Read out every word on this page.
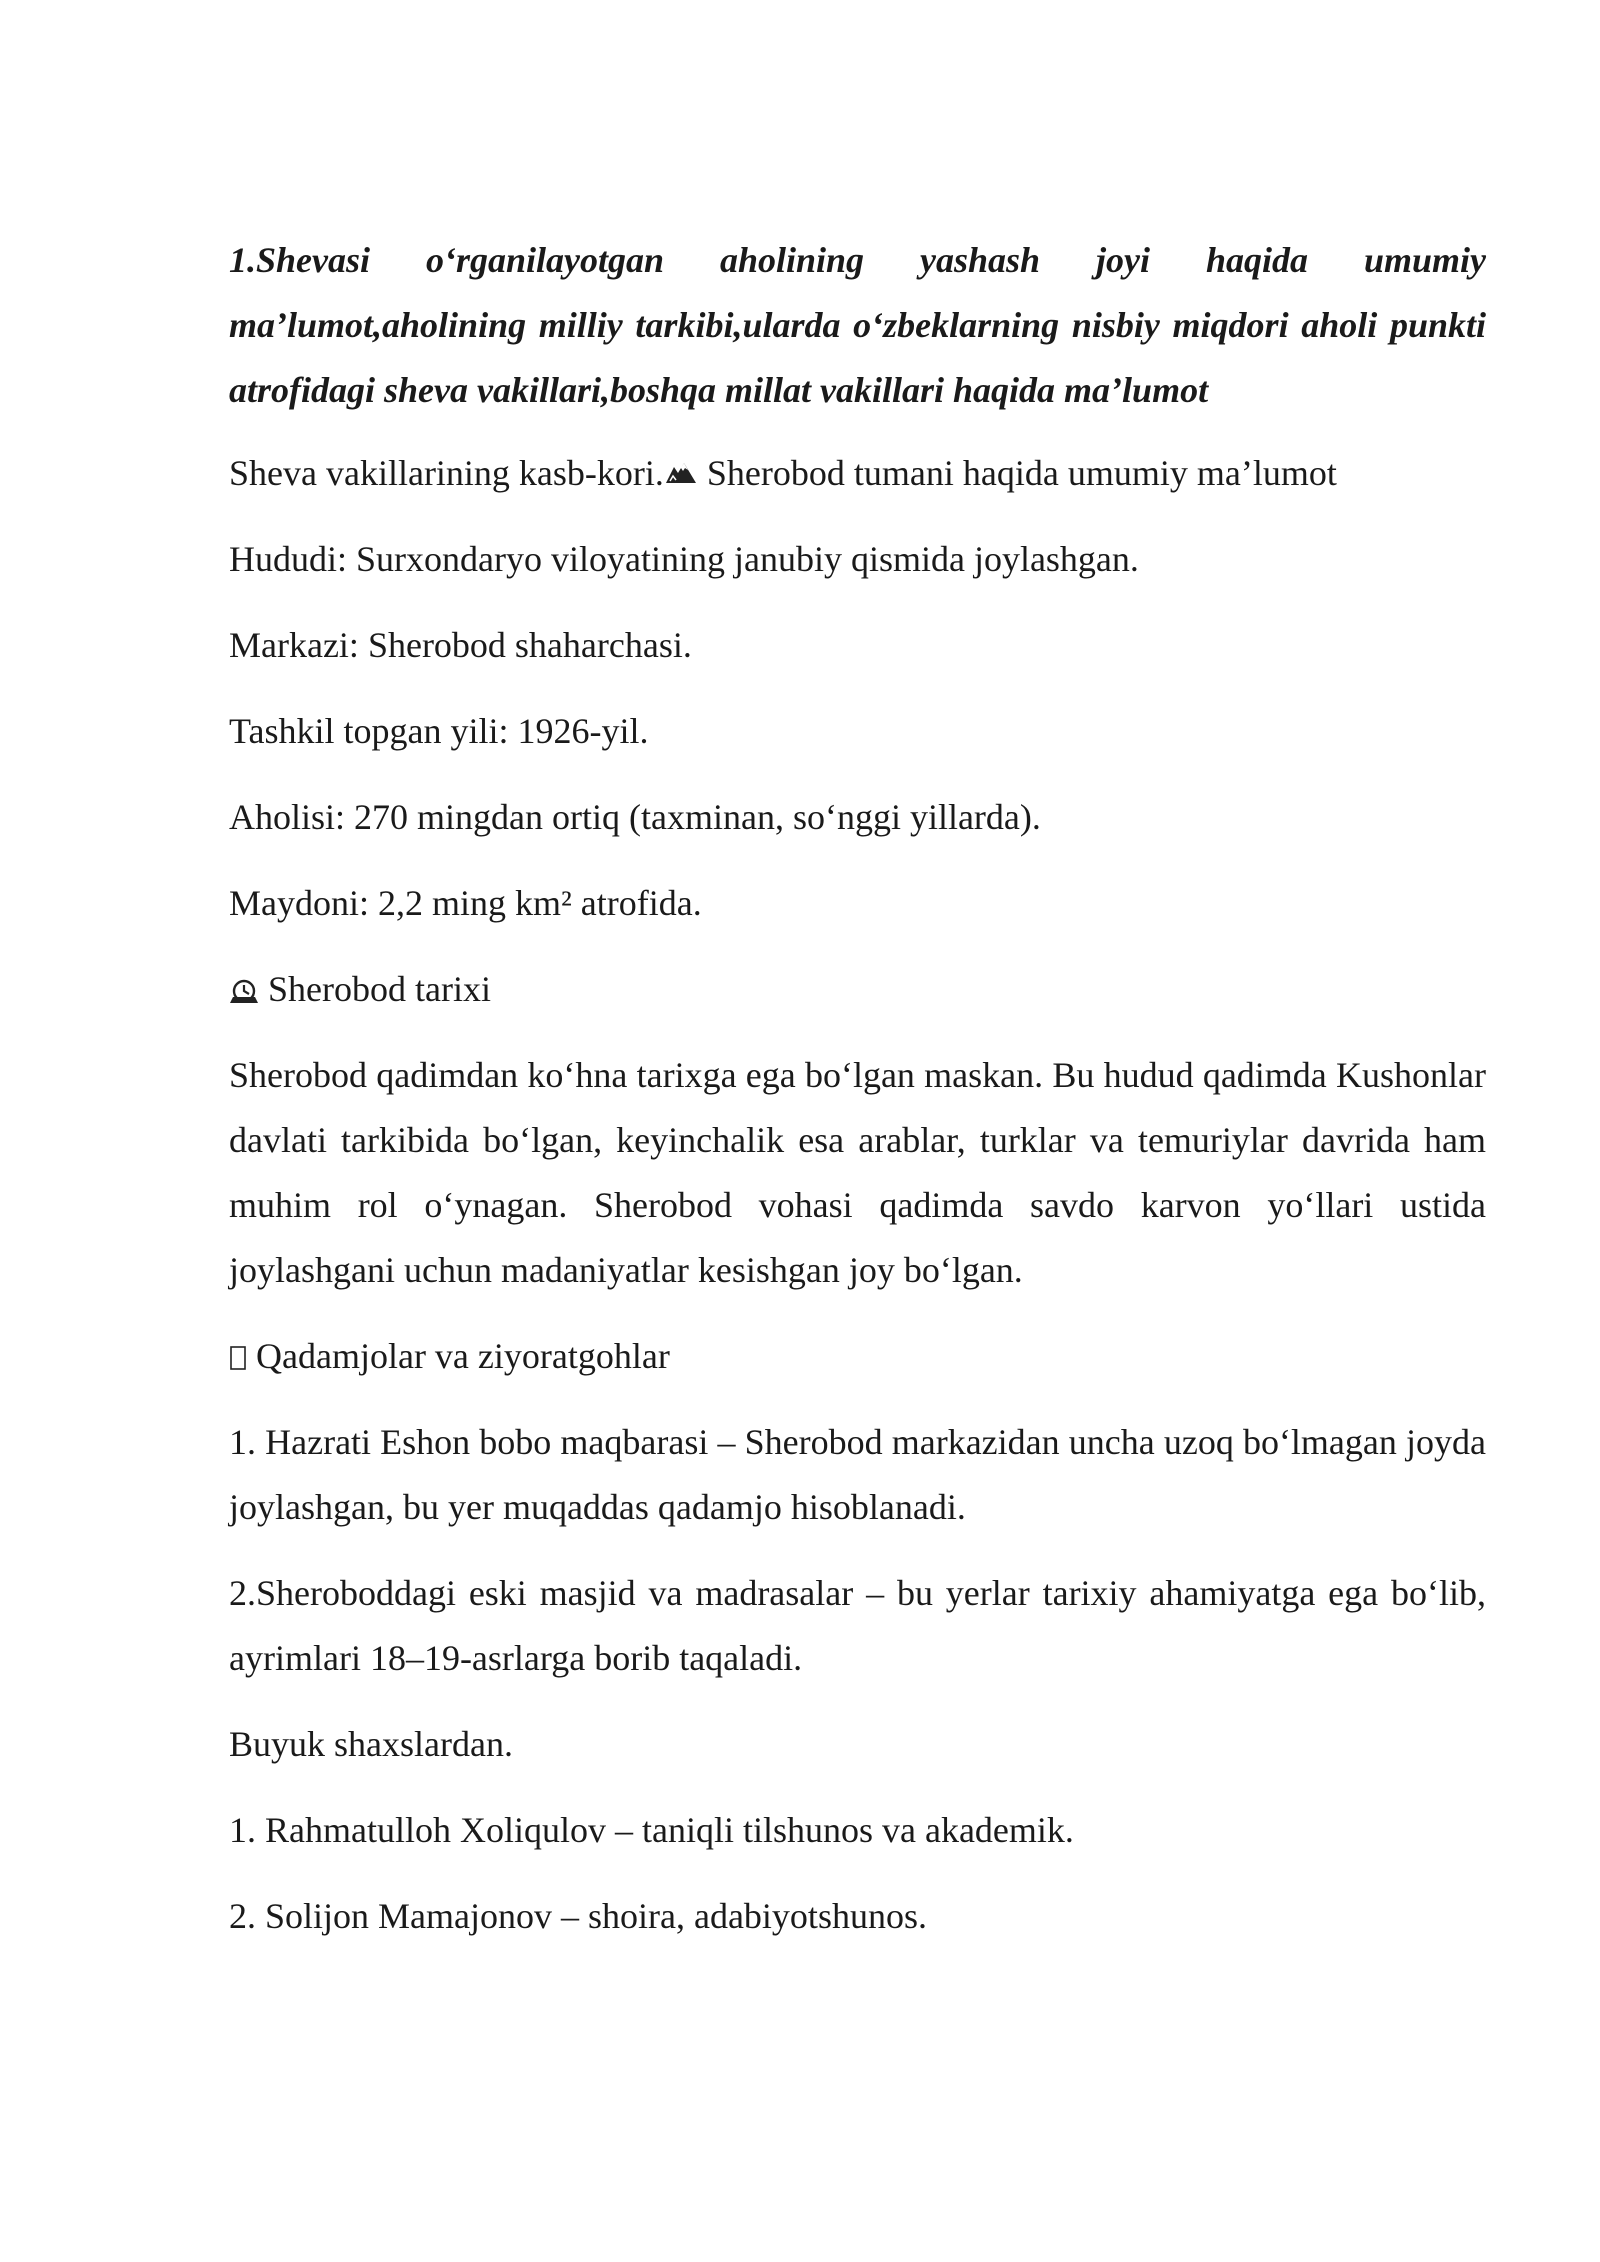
1.Shevasi o‘rganilayotgan aholining yashash joyi haqida umumiy ma’lumot,aholining milliy tarkibi,ularda o‘zbeklarning nisbiy miqdori aholi punkti atrofidagi sheva vakillari,boshqa millat vakillari haqida ma’lumot

Sheva vakillarining kasb-kori.
Sherobod tumani haqida umumiy ma’lumot

Hududi: Surxondaryo viloyatining janubiy qismida joylashgan.

Markazi: Sherobod shaharchasi.

Tashkil topgan yili: 1926-yil.

Aholisi: 270 mingdan ortiq (taxminan, so‘nggi yillarda).

Maydoni: 2,2 ming km² atrofida.

Sherobod tarixi

Sherobod qadimdan ko‘hna tarixga ega bo‘lgan maskan. Bu hudud qadimda Kushonlar davlati tarkibida bo‘lgan, keyinchalik esa arablar, turklar va temuriylar davrida ham muhim rol o‘ynagan. Sherobod vohasi qadimda savdo karvon yo‘llari ustida joylashgani uchun madaniyatlar kesishgan joy bo‘lgan.

Qadamjolar va ziyoratgohlar

1. Hazrati Eshon bobo maqbarasi – Sherobod markazidan uncha uzoq bo‘lmagan joyda joylashgan, bu yer muqaddas qadamjo hisoblanadi.

2.Sheroboddagi eski masjid va madrasalar – bu yerlar tarixiy ahamiyatga ega bo‘lib, ayrimlari 18–19-asrlarga borib taqaladi.

Buyuk shaxslardan.

1. Rahmatulloh Xoliqulov – taniqli tilshunos va akademik.

2. Solijon Mamajonov – shoira, adabiyotshunos.
